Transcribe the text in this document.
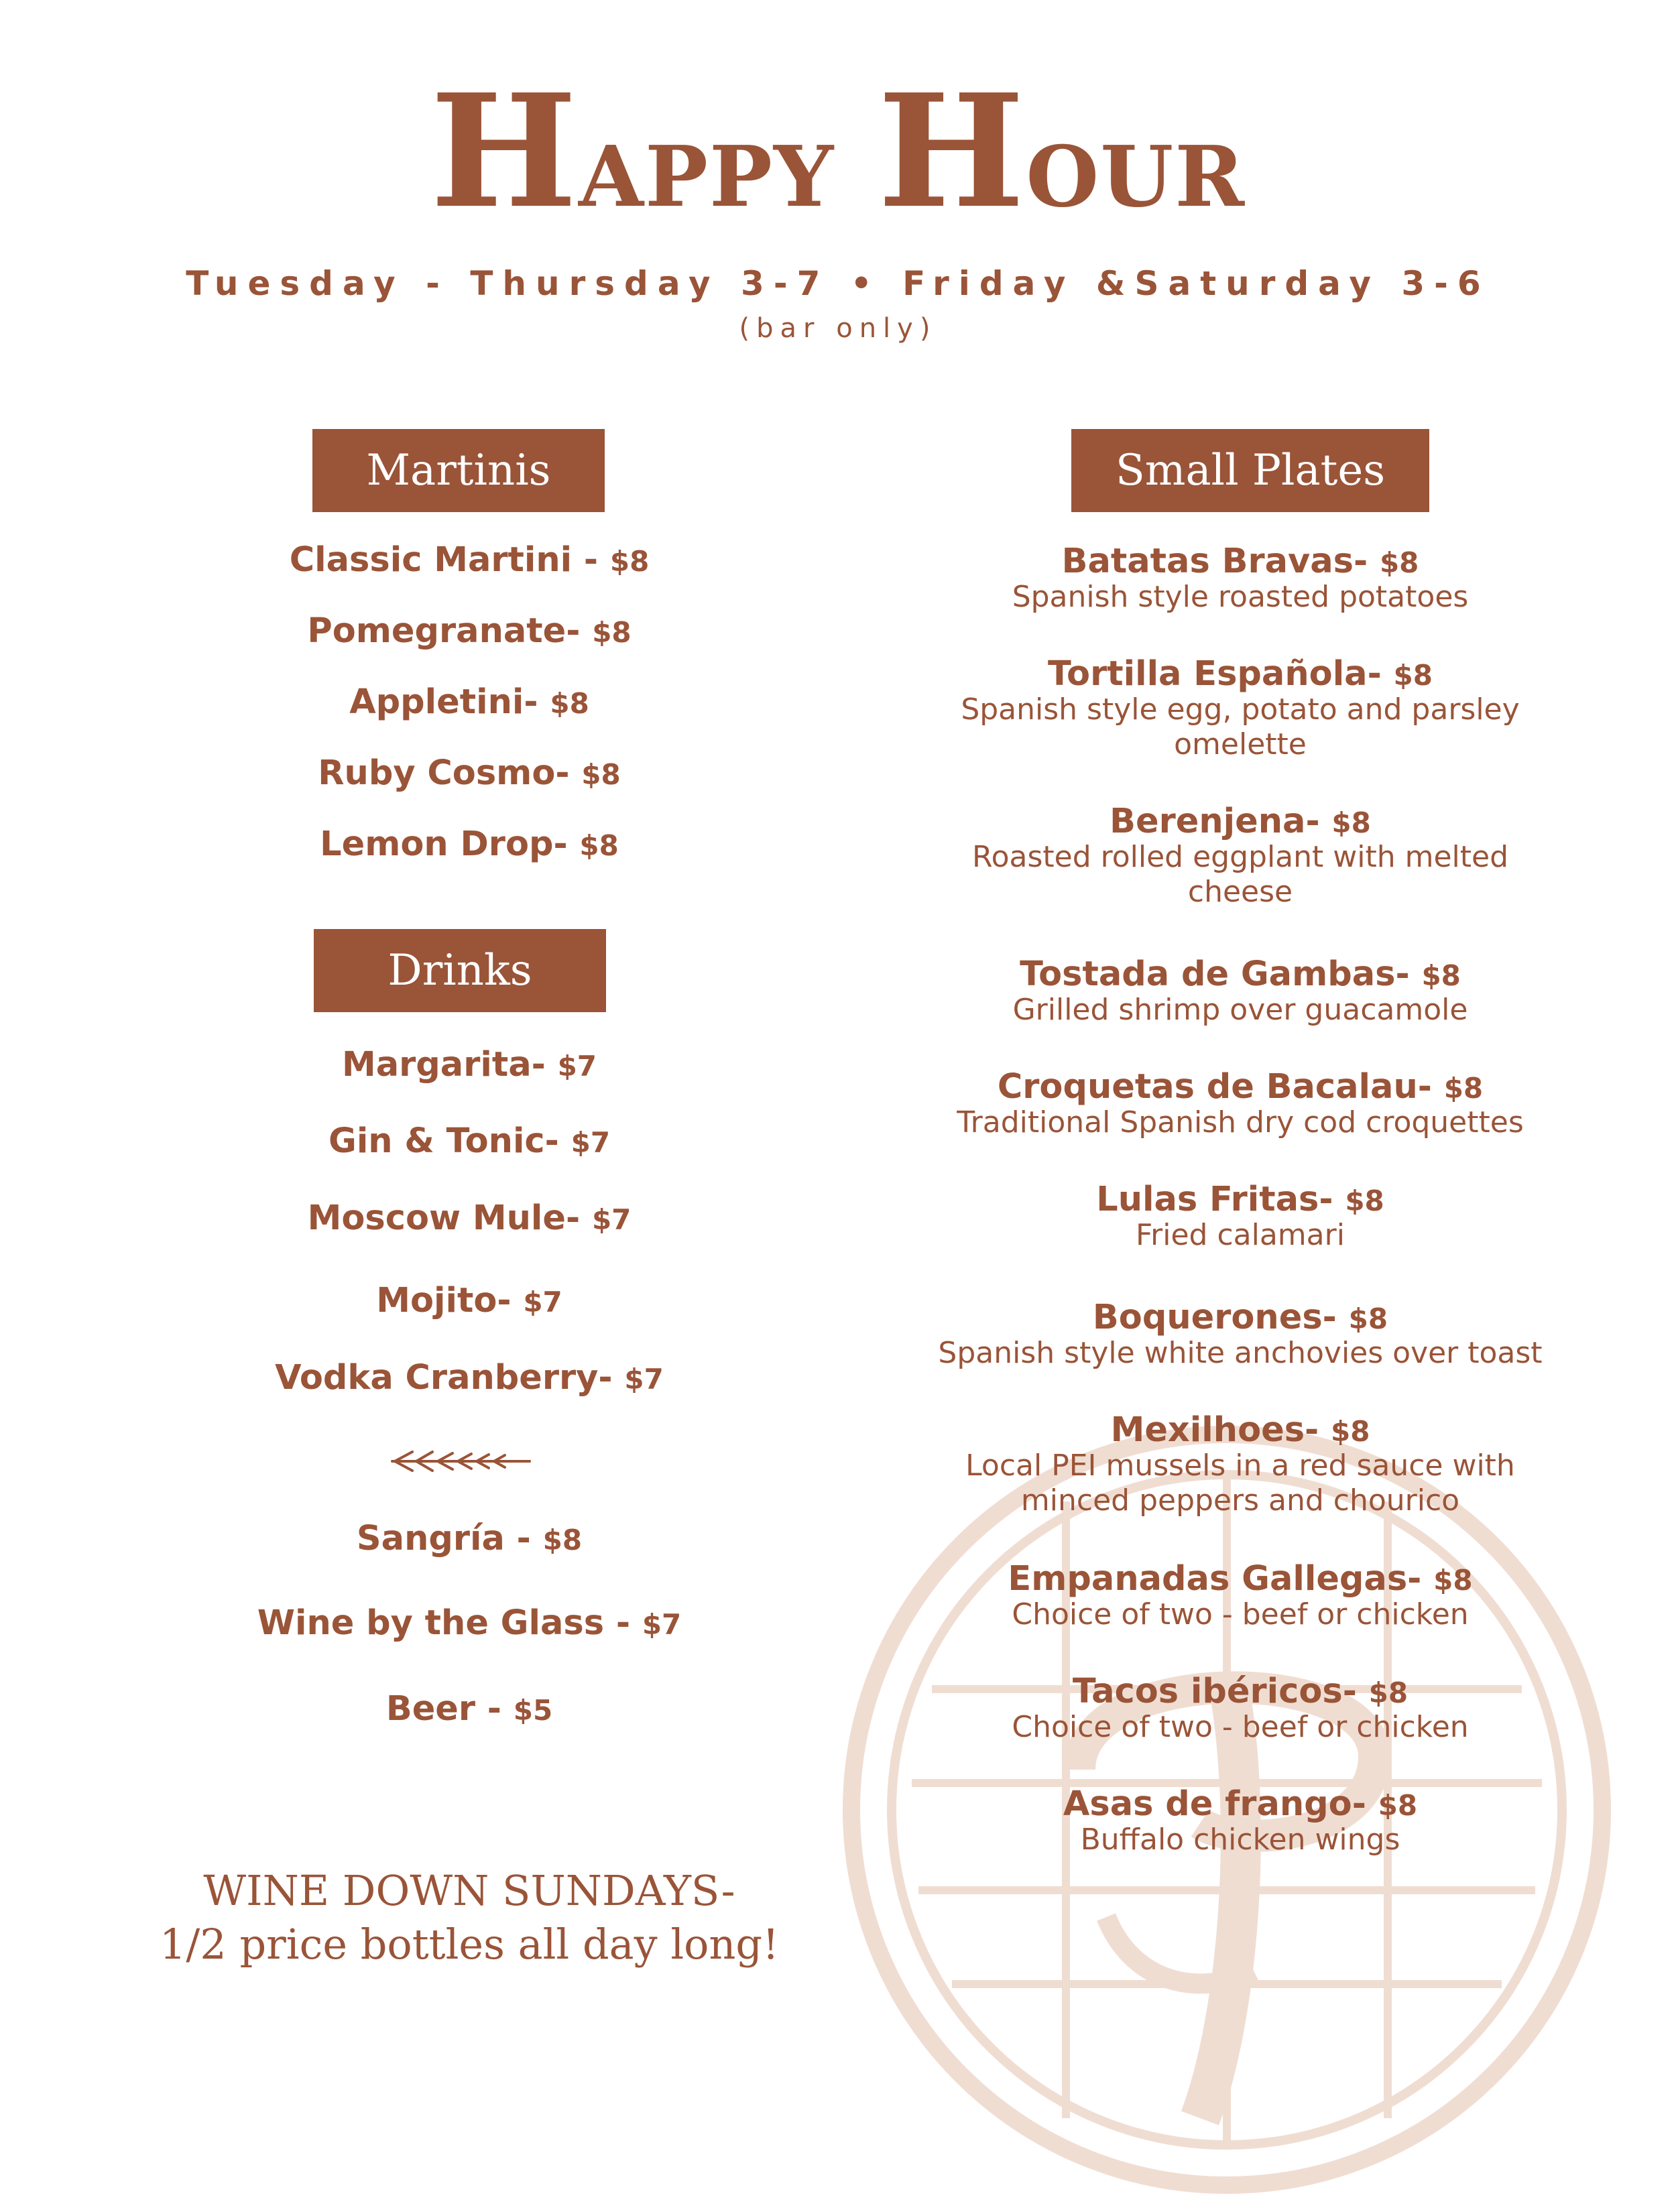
Happy Hour
Tuesday - Thursday 3-7 • Friday &Saturday 3-6
(bar only)
Martinis
Classic Martini - $8
Pomegranate- $8
Appletini- $8
Ruby Cosmo- $8
Lemon Drop- $8
Drinks
Margarita- $7
Gin & Tonic- $7
Moscow Mule- $7
Mojito- $7
Vodka Cranberry- $7
Sangría - $8
Wine by the Glass - $7
Beer - $5
WINE DOWN SUNDAYS-
1/2 price bottles all day long!
Small Plates
Batatas Bravas- $8
Spanish style roasted potatoes
Tortilla Española- $8
Spanish style egg, potato and parsley omelette
Berenjena- $8
Roasted rolled eggplant with melted cheese
Tostada de Gambas- $8
Grilled shrimp over guacamole
Croquetas de Bacalau- $8
Traditional Spanish dry cod croquettes
Lulas Fritas- $8
Fried calamari
Boquerones- $8
Spanish style white anchovies over toast
Mexilhoes- $8
Local PEI mussels in a red sauce with minced peppers and chourico
Empanadas Gallegas- $8
Choice of two - beef or chicken
Tacos ibéricos- $8
Choice of two - beef or chicken
Asas de frango- $8
Buffalo chicken wings
